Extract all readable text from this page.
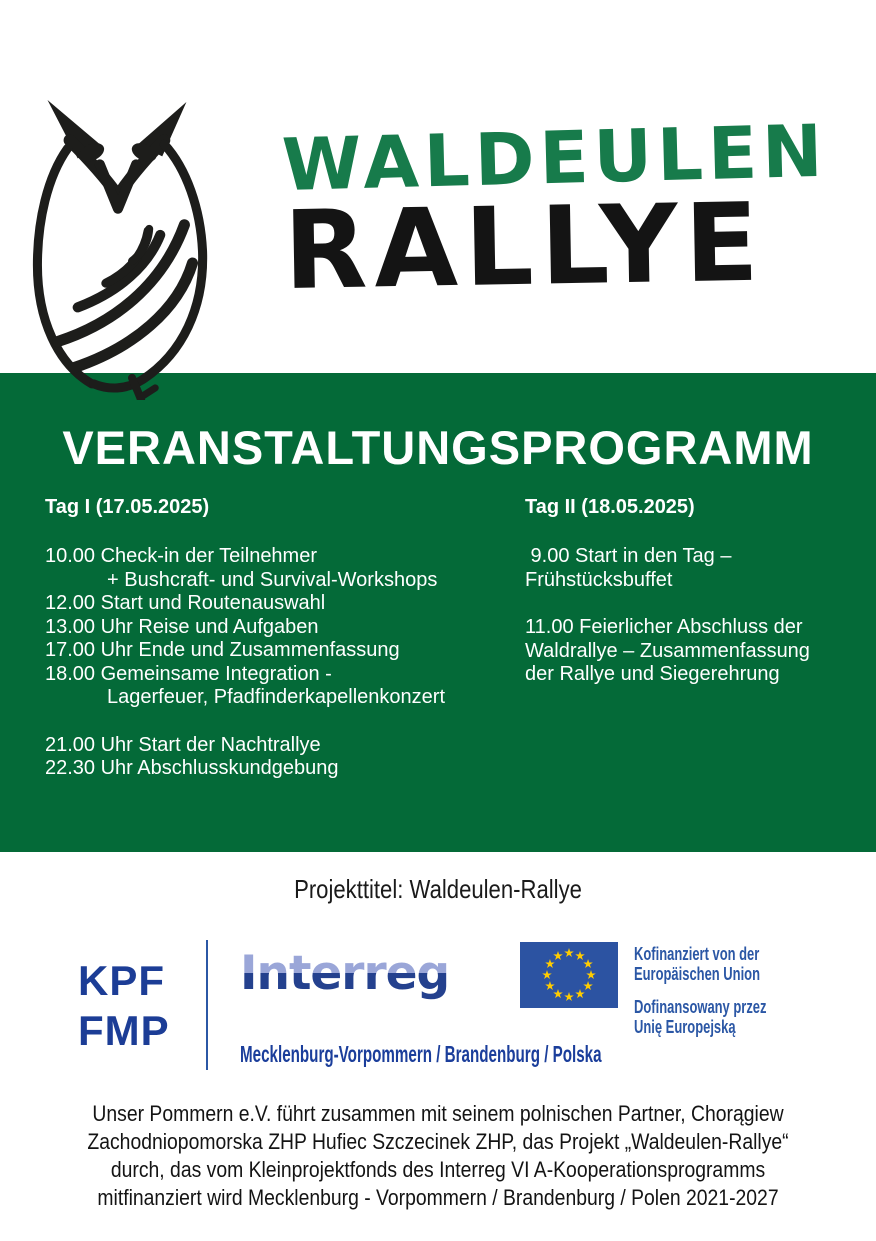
WALDEULEN
RALLYE
VERANSTALTUNGSPROGRAMM
Tag I (17.05.2025)
10.00 Check-in der Teilnehmer
+ Bushcraft- und Survival-Workshops
12.00 Start und Routenauswahl
13.00 Uhr Reise und Aufgaben
17.00 Uhr Ende und Zusammenfassung
18.00 Gemeinsame Integration -
Lagerfeuer, Pfadfinderkapellenkonzert
21.00 Uhr Start der Nachtrallye
22.30 Uhr Abschlusskundgebung
Tag II (18.05.2025)
9.00 Start in den Tag –
Frühstücksbuffet
11.00 Feierlicher Abschluss der
Waldrallye – Zusammenfassung
der Rallye und Siegerehrung
Projekttitel: Waldeulen-Rallye
KPF
FMP
Interreg
Mecklenburg-Vorpommern / Brandenburg / Polska
Kofinanziert von der
Europäischen Union
Dofinansowany przez
Unię Europejską
Unser Pommern e.V. führt zusammen mit seinem polnischen Partner, Chorągiew
Zachodniopomorska ZHP Hufiec Szczecinek ZHP, das Projekt „Waldeulen-Rallye“
durch, das vom Kleinprojektfonds des Interreg VI A-Kooperationsprogramms
mitfinanziert wird Mecklenburg - Vorpommern / Brandenburg / Polen 2021-2027
